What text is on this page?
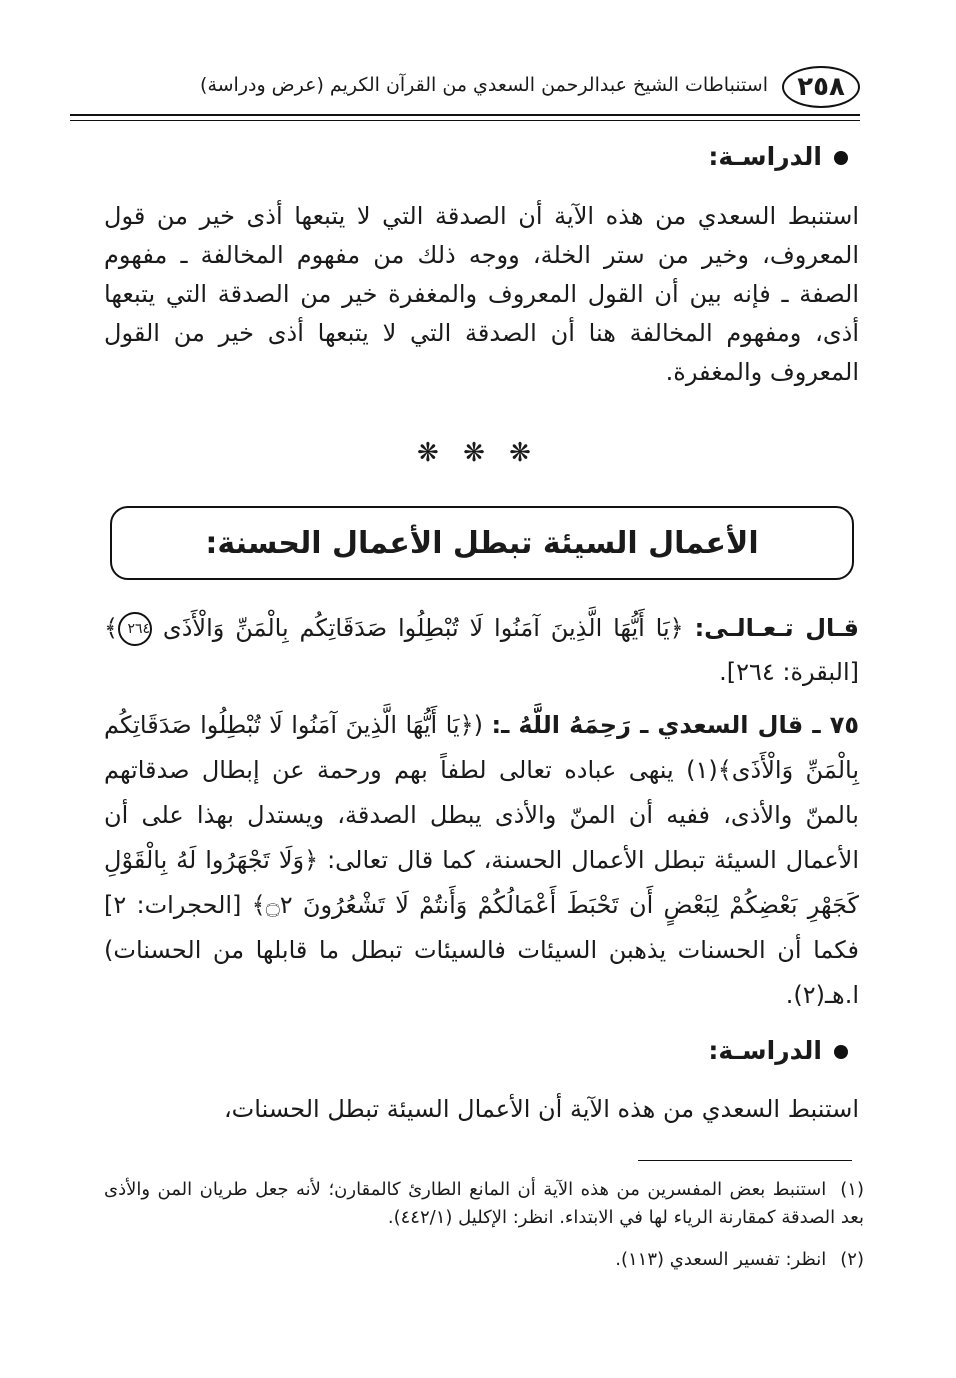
٢٥٨
استنباطات الشيخ عبدالرحمن السعدي من القرآن الكريم (عرض ودراسة)
الدراسـة:
استنبط السعدي من هذه الآية أن الصدقة التي لا يتبعها أذى خير من قول المعروف، وخير من ستر الخلة، ووجه ذلك من مفهوم المخالفة ـ مفهوم الصفة ـ فإنه بين أن القول المعروف والمغفرة خير من الصدقة التي يتبعها أذى، ومفهوم المخالفة هنا أن الصدقة التي لا يتبعها أذى خير من القول المعروف والمغفرة.
❋ ❋ ❋
الأعمال السيئة تبطل الأعمال الحسنة:
قـال تـعـالـى: ﴿يَا أَيُّهَا الَّذِينَ آمَنُوا لَا تُبْطِلُوا صَدَقَاتِكُم بِالْمَنِّ وَالْأَذَى ٢٦٤﴾ [البقرة: ٢٦٤].
٧٥ ـ قال السعدي ـ رَحِمَهُ اللَّهُ ـ: (﴿يَا أَيُّهَا الَّذِينَ آمَنُوا لَا تُبْطِلُوا صَدَقَاتِكُم بِالْمَنِّ وَالْأَذَى﴾(١) ينهى عباده تعالى لطفاً بهم ورحمة عن إبطال صدقاتهم بالمنّ والأذى، ففيه أن المنّ والأذى يبطل الصدقة، ويستدل بهذا على أن الأعمال السيئة تبطل الأعمال الحسنة، كما قال تعالى: ﴿وَلَا تَجْهَرُوا لَهُ بِالْقَوْلِ كَجَهْرِ بَعْضِكُمْ لِبَعْضٍ أَن تَحْبَطَ أَعْمَالُكُمْ وَأَنتُمْ لَا تَشْعُرُونَ ۝٢﴾ [الحجرات: ٢] فكما أن الحسنات يذهبن السيئات فالسيئات تبطل ما قابلها من الحسنات) ا.هـ(٢).
الدراسـة:
استنبط السعدي من هذه الآية أن الأعمال السيئة تبطل الحسنات،
(١)استنبط بعض المفسرين من هذه الآية أن المانع الطارئ كالمقارن؛ لأنه جعل طريان المن والأذى بعد الصدقة كمقارنة الرياء لها في الابتداء. انظر: الإكليل (٤٤٢/١).
(٢)انظر: تفسير السعدي (١١٣).
